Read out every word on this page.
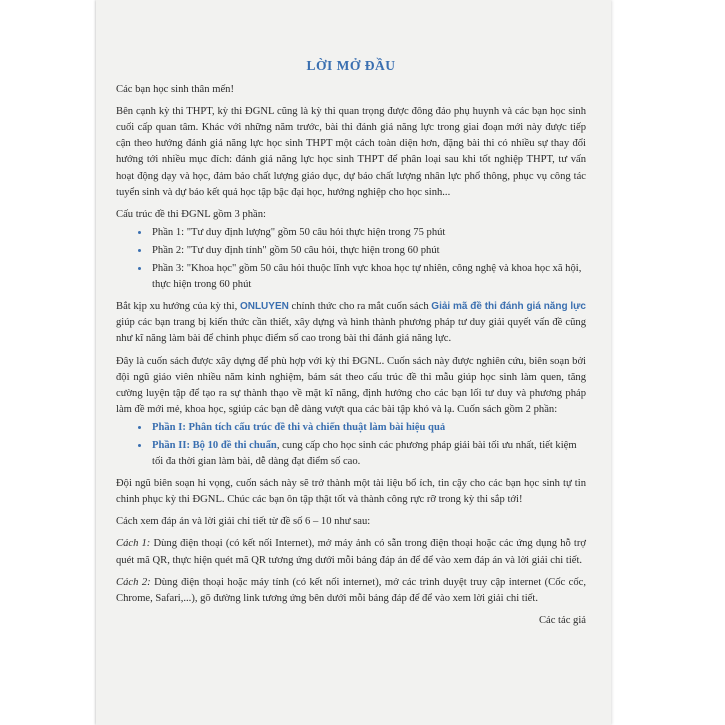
LỜI MỞ ĐẦU

Các bạn học sinh thân mến!

Bên cạnh kỳ thi THPT, kỳ thi ĐGNL cũng là kỳ thi quan trọng được đông đảo phụ huynh và các bạn học sinh cuối cấp quan tâm. Khác với những năm trước, bài thi đánh giá năng lực trong giai đoạn mới này được tiếp cận theo hướng đánh giá năng lực học sinh THPT một cách toàn diện hơn, đặng bài thi có nhiều sự thay đổi hướng tới nhiều mục đích: đánh giá năng lực học sinh THPT để phân loại sau khi tốt nghiệp THPT, tư vấn hoạt động dạy và học, đảm bảo chất lượng giáo dục, dự báo chất lượng nhân lực phổ thông, phục vụ công tác tuyển sinh và dự báo kết quả học tập bậc đại học, hướng nghiệp cho học sinh...

Cấu trúc đề thi ĐGNL gồm 3 phần:

• Phần 1: "Tư duy định lượng" gồm 50 câu hỏi thực hiện trong 75 phút
• Phần 2: "Tư duy định tính" gồm 50 câu hỏi, thực hiện trong 60 phút
• Phần 3: "Khoa học" gồm 50 câu hỏi thuộc lĩnh vực khoa học tự nhiên, công nghệ và khoa học xã hội, thực hiện trong 60 phút

Bắt kịp xu hướng của kỳ thi, ONLUYEN chính thức cho ra mắt cuốn sách Giải mã đề thi đánh giá năng lực giúp các bạn trang bị kiến thức cần thiết, xây dựng và hình thành phương pháp tư duy giải quyết vấn đề cũng như kĩ năng làm bài để chinh phục điểm số cao trong bài thi đánh giá năng lực.

Đây là cuốn sách được xây dựng để phù hợp với kỳ thi ĐGNL. Cuốn sách này được nghiên cứu, biên soạn bởi đội ngũ giáo viên nhiều năm kinh nghiệm, bám sát theo cấu trúc đề thi mẫu giúp học sinh làm quen, tăng cường luyện tập để tạo ra sự thành thạo về mặt kĩ năng, định hướng cho các bạn lối tư duy và phương pháp làm đề mới mẻ, khoa học, sgiúp các bạn dễ dàng vượt qua các bài tập khó và lạ. Cuốn sách gồm 2 phần:

• Phần I: Phân tích cấu trúc đề thi và chiến thuật làm bài hiệu quả
• Phần II: Bộ 10 đề thi chuẩn, cung cấp cho học sinh các phương pháp giải bài tối ưu nhất, tiết kiệm tối đa thời gian làm bài, dễ dàng đạt điểm số cao.

Đội ngũ biên soạn hi vọng, cuốn sách này sẽ trở thành một tài liệu bổ ích, tin cậy cho các bạn học sinh tự tin chinh phục kỳ thi ĐGNL. Chúc các bạn ôn tập thật tốt và thành công rực rỡ trong kỳ thi sắp tới!

Cách xem đáp án và lời giải chi tiết từ đề số 6 – 10 như sau:

Cách 1: Dùng điện thoại (có kết nối Internet), mở máy ảnh có sẵn trong điện thoại hoặc các ứng dụng hỗ trợ quét mã QR, thực hiện quét mã QR tương ứng dưới mỗi bảng đáp án để để vào xem đáp án và lời giải chi tiết.

Cách 2: Dùng điện thoại hoặc máy tính (có kết nối internet), mở các trình duyệt truy cập internet (Cốc cốc, Chrome, Safari,...), gõ đường link tương ứng bên dưới mỗi bảng đáp để để vào xem lời giải chi tiết.

Các tác giả
